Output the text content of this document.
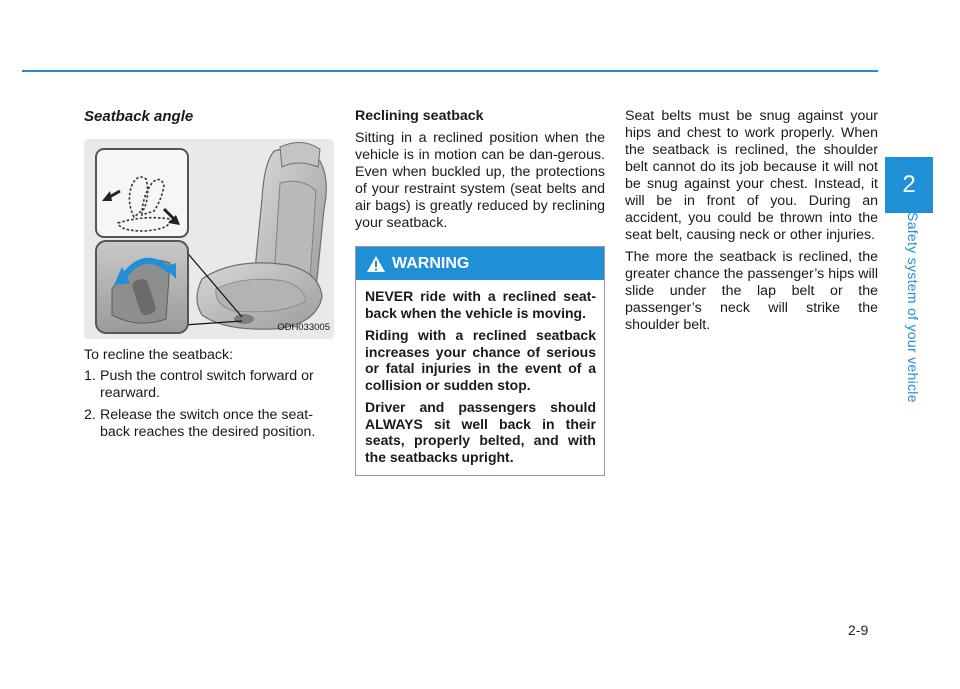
2
Safety system of your vehicle
Seatback angle
ODH033005
To recline the seatback:
1. Push the control switch forward or rearward.
2. Release the switch once the seat-back reaches the desired position.
Reclining seatback
Sitting in a reclined position when the vehicle is in motion can be dan-gerous. Even when buckled up, the protections of your restraint system (seat belts and air bags) is greatly reduced by reclining your seatback.
WARNING

NEVER ride with a reclined seat-back when the vehicle is moving.

Riding with a reclined seatback increases your chance of serious or fatal injuries in the event of a collision or sudden stop.

Driver and passengers should ALWAYS sit well back in their seats, properly belted, and with the seatbacks upright.

Seat belts must be snug against your hips and chest to work properly. When the seatback is reclined, the shoulder belt cannot do its job because it will not be snug against your chest. Instead, it will be in front of you. During an accident, you could be thrown into the seat belt, causing neck or other injuries.

The more the seatback is reclined, the greater chance the passenger’s hips will slide under the lap belt or the passenger’s neck will strike the shoulder belt.

2-9
